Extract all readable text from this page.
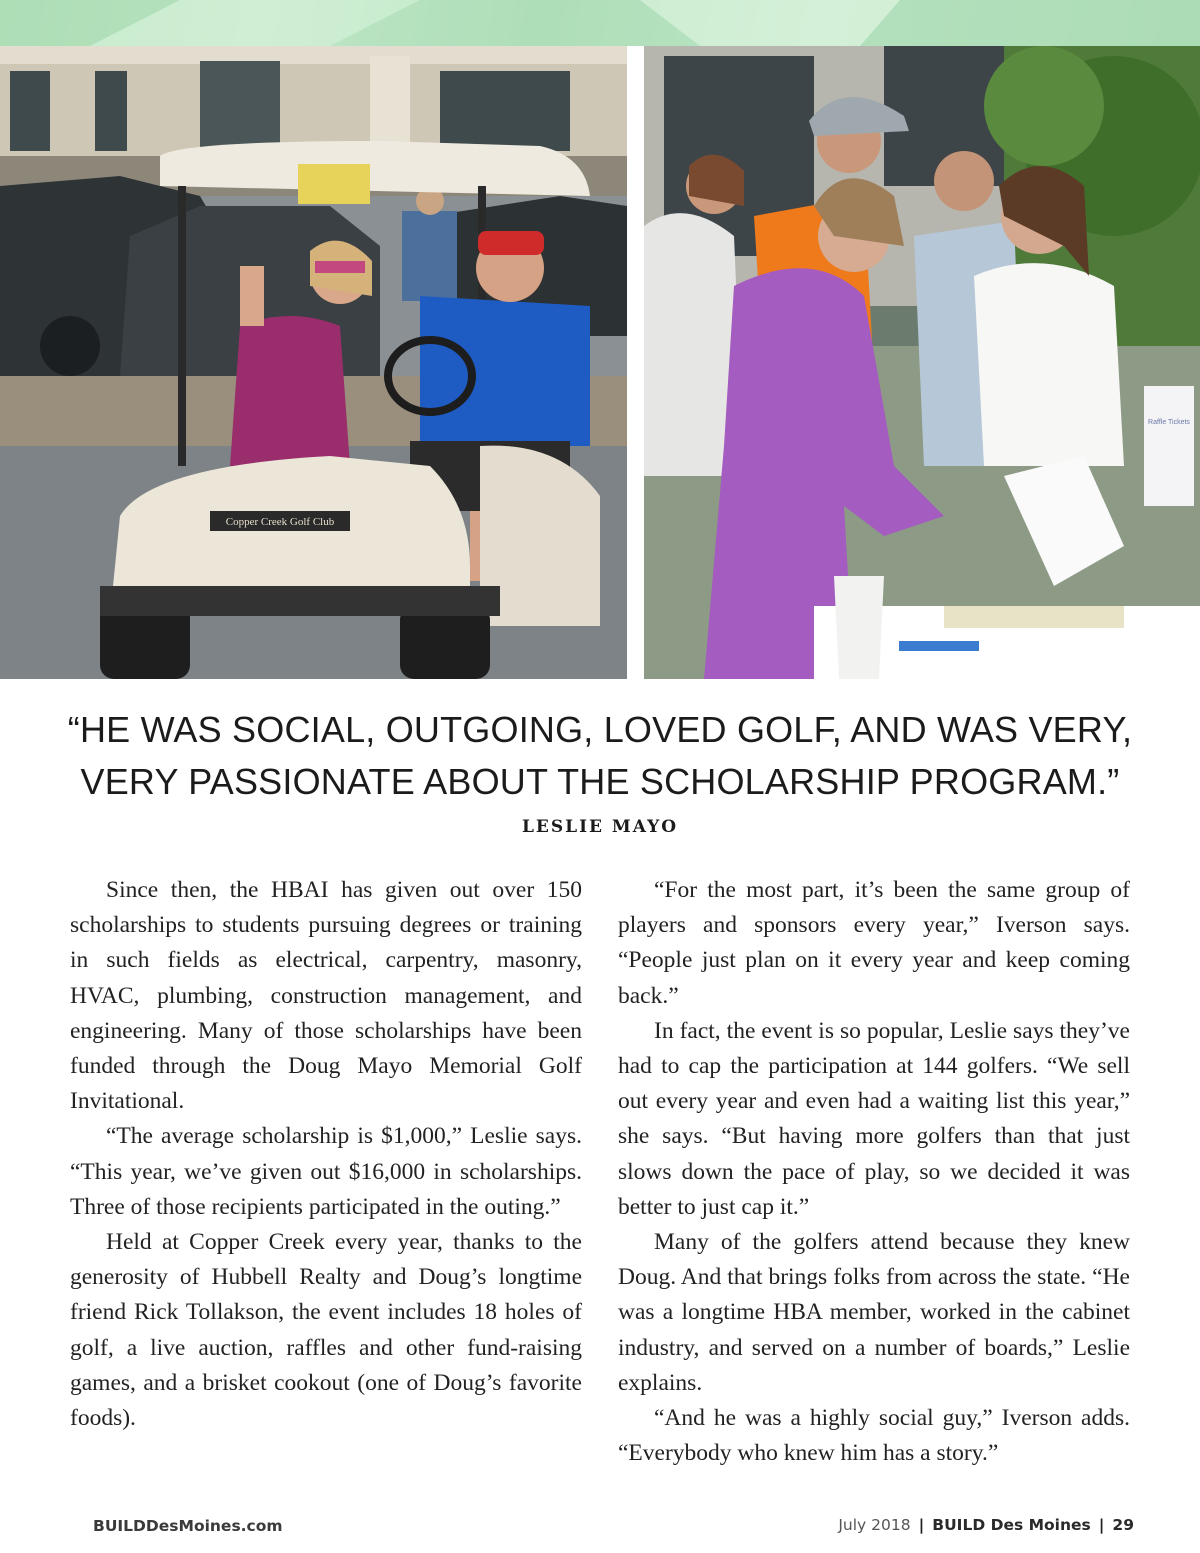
Copper Creek Golf Club
Raffle Tickets
“HE WAS SOCIAL, OUTGOING, LOVED GOLF, AND WAS VERY,
VERY PASSIONATE ABOUT THE SCHOLARSHIP PROGRAM.”
LESLIE MAYO

Since then, the HBAI has given out over 150 scholarships to students pursuing degrees or training in such fields as electrical, carpentry, masonry, HVAC, plumbing, construction management, and engineering. Many of those scholarships have been funded through the Doug Mayo Memorial Golf Invitational.

“The average scholarship is $1,000,” Leslie says. “This year, we’ve given out $16,000 in scholarships. Three of those recipients participated in the outing.”

Held at Copper Creek every year, thanks to the generosity of Hubbell Realty and Doug’s longtime friend Rick Tollakson, the event includes 18 holes of golf, a live auction, raffles and other fund-raising games, and a brisket cookout (one of Doug’s favorite foods).

“For the most part, it’s been the same group of players and sponsors every year,” Iverson says. “People just plan on it every year and keep coming back.”

In fact, the event is so popular, Leslie says they’ve had to cap the participation at 144 golfers. “We sell out every year and even had a waiting list this year,” she says. “But having more golfers than that just slows down the pace of play, so we decided it was better to just cap it.”

Many of the golfers attend because they knew Doug. And that brings folks from across the state. “He was a longtime HBA member, worked in the cabinet industry, and served on a number of boards,” Leslie explains.

“And he was a highly social guy,” Iverson adds. “Everybody who knew him has a story.”

BUILDDesMoines.com	July 2018 | BUILD Des Moines | 29
